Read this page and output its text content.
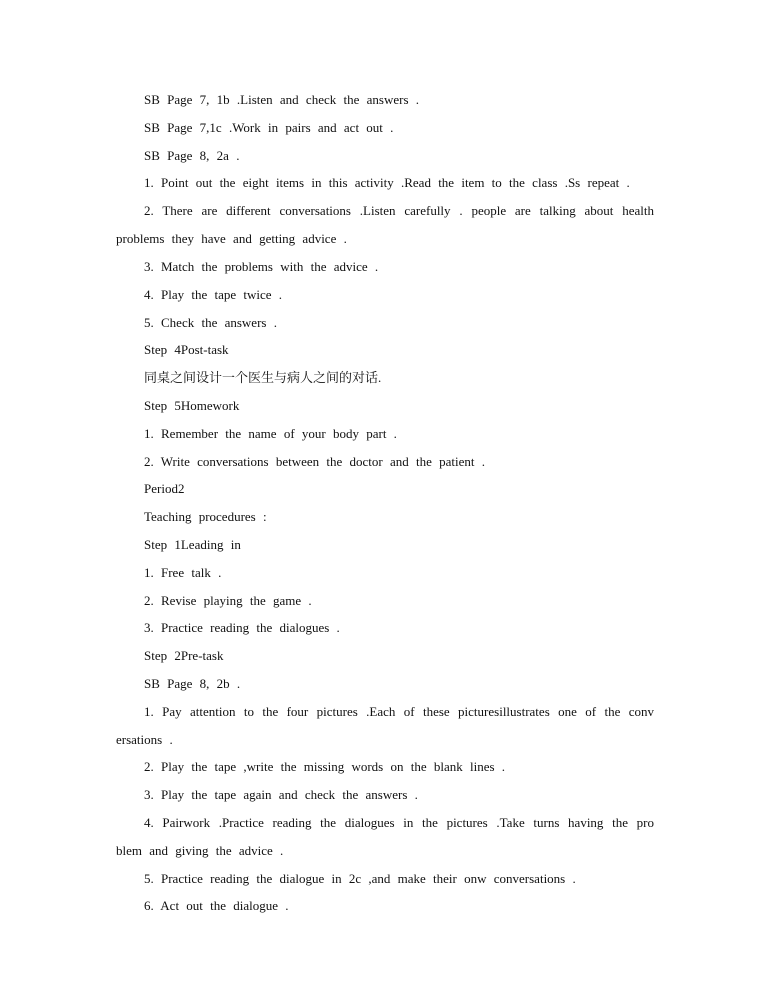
SB Page 7, 1b .Listen and check the answers .
SB Page 7,1c .Work in pairs and act out .
SB Page 8, 2a .
1. Point out the eight items in this activity .Read the item to the class .Ss repeat .
2. There are different conversations .Listen carefully . people are talking about health
problems they have and getting advice .
3. Match the problems with the advice .
4. Play the tape twice .
5. Check the answers .
Step 4Post-task
同桌之间设计一个医生与病人之间的对话.
Step 5Homework
1. Remember the name of your body part .
2. Write conversations between the doctor and the patient .
Period2
Teaching procedures :
Step 1Leading in
1. Free talk .
2. Revise playing the game .
3. Practice reading the dialogues .
Step 2Pre-task
SB Page 8, 2b .
1. Pay attention to the four pictures .Each of these picturesillustrates one of the conv
ersations .
2. Play the tape ,write the missing words on the blank lines .
3. Play the tape again and check the answers .
4. Pairwork .Practice reading the dialogues in the pictures .Take turns having the pro
blem and giving the advice .
5. Practice reading the dialogue in 2c ,and make their onw conversations .
6. Act out the dialogue .
